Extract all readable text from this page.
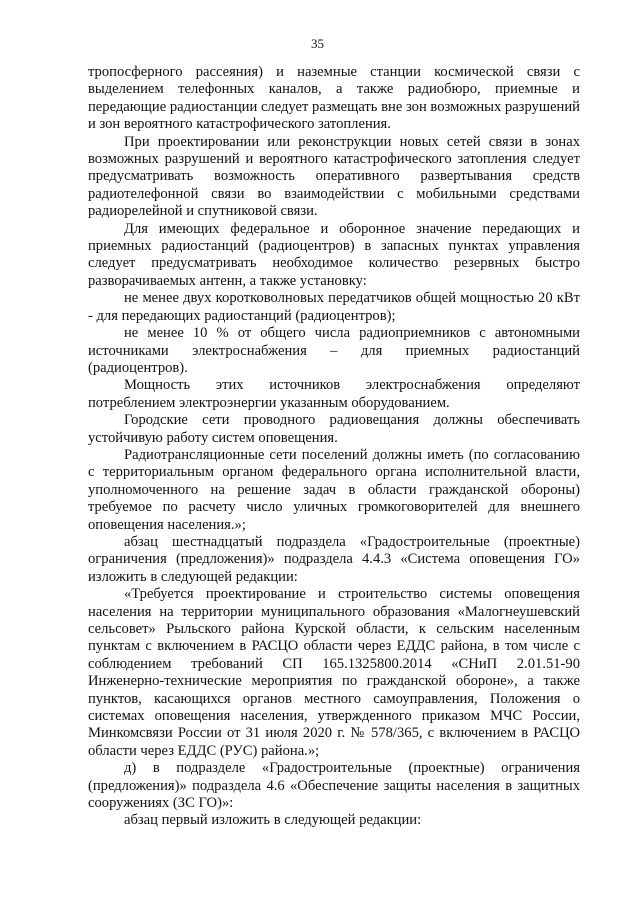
35

тропосферного рассеяния) и наземные станции космической связи с выделением телефонных каналов, а также радиобюро, приемные и передающие радиостанции следует размещать вне зон возможных разрушений и зон вероятного катастрофического затопления.

При проектировании или реконструкции новых сетей связи в зонах возможных разрушений и вероятного катастрофического затопления следует предусматривать возможность оперативного развертывания средств радиотелефонной связи во взаимодействии с мобильными средствами радиорелейной и спутниковой связи.

Для имеющих федеральное и оборонное значение передающих и приемных радиостанций (радиоцентров) в запасных пунктах управления следует предусматривать необходимое количество резервных быстро разворачиваемых антенн, а также установку:

не менее двух коротковолновых передатчиков общей мощностью 20 кВт - для передающих радиостанций (радиоцентров);

не менее 10 % от общего числа радиоприемников с автономными источниками электроснабжения – для приемных радиостанций (радиоцентров).

Мощность этих источников электроснабжения определяют потреблением электроэнергии указанным оборудованием.

Городские сети проводного радиовещания должны обеспечивать устойчивую работу систем оповещения.

Радиотрансляционные сети поселений должны иметь (по согласованию с территориальным органом федерального органа исполнительной власти, уполномоченного на решение задач в области гражданской обороны) требуемое по расчету число уличных громкоговорителей для внешнего оповещения населения.»;

абзац шестнадцатый подраздела «Градостроительные (проектные) ограничения (предложения)» подраздела 4.4.3 «Система оповещения ГО» изложить в следующей редакции:

«Требуется проектирование и строительство системы оповещения населения на территории муниципального образования «Малогнеушевский сельсовет» Рыльского района Курской области, к сельским населенным пунктам с включением в РАСЦО области через ЕДДС района, в том числе с соблюдением требований СП 165.1325800.2014 «СНиП 2.01.51-90 Инженерно-технические мероприятия по гражданской обороне», а также пунктов, касающихся органов местного самоуправления, Положения о системах оповещения населения, утвержденного приказом МЧС России, Минкомсвязи России от 31 июля 2020 г. № 578/365, с включением в РАСЦО области через ЕДДС (РУС) района.»;

д) в подразделе «Градостроительные (проектные) ограничения (предложения)» подраздела 4.6 «Обеспечение защиты населения в защитных сооружениях (ЗС ГО)»:

абзац первый изложить в следующей редакции:
